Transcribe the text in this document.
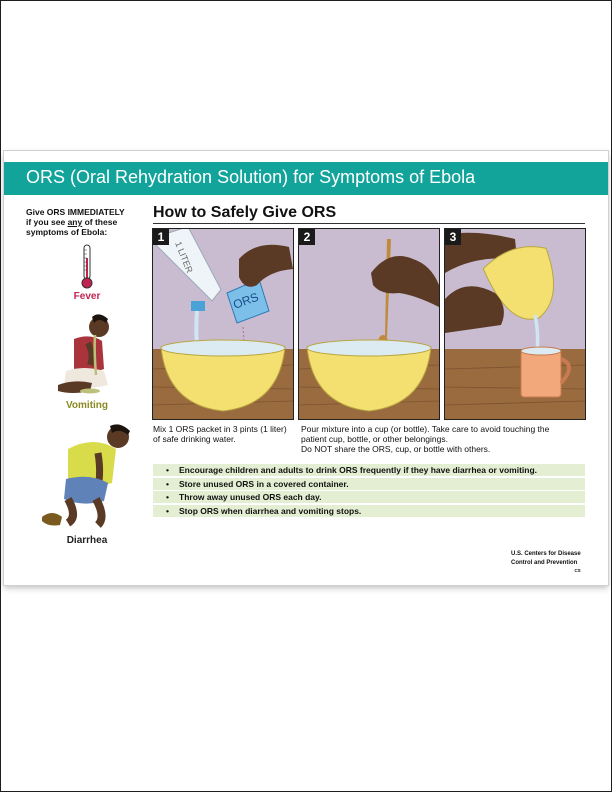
ORS (Oral Rehydration Solution) for Symptoms of Ebola
Give ORS IMMEDIATELY
if you see any of these
symptoms of Ebola:
Fever
Vomiting
Diarrhea
How to Safely Give ORS
1
1 LITER
ORS
2	3
Mix 1 ORS packet in 3 pints (1 liter)
of safe drinking water.
Pour mixture into a cup (or bottle). Take care to avoid touching the
patient cup, bottle, or other belongings.
Do NOT share the ORS, cup, or bottle with others.
• Encourage children and adults to drink ORS frequently if they have diarrhea or vomiting.
• Store unused ORS in a covered container.
• Throw away unused ORS each day.
• Stop ORS when diarrhea and vomiting stops.
U.S. Centers for Disease
Control and Prevention
CS
